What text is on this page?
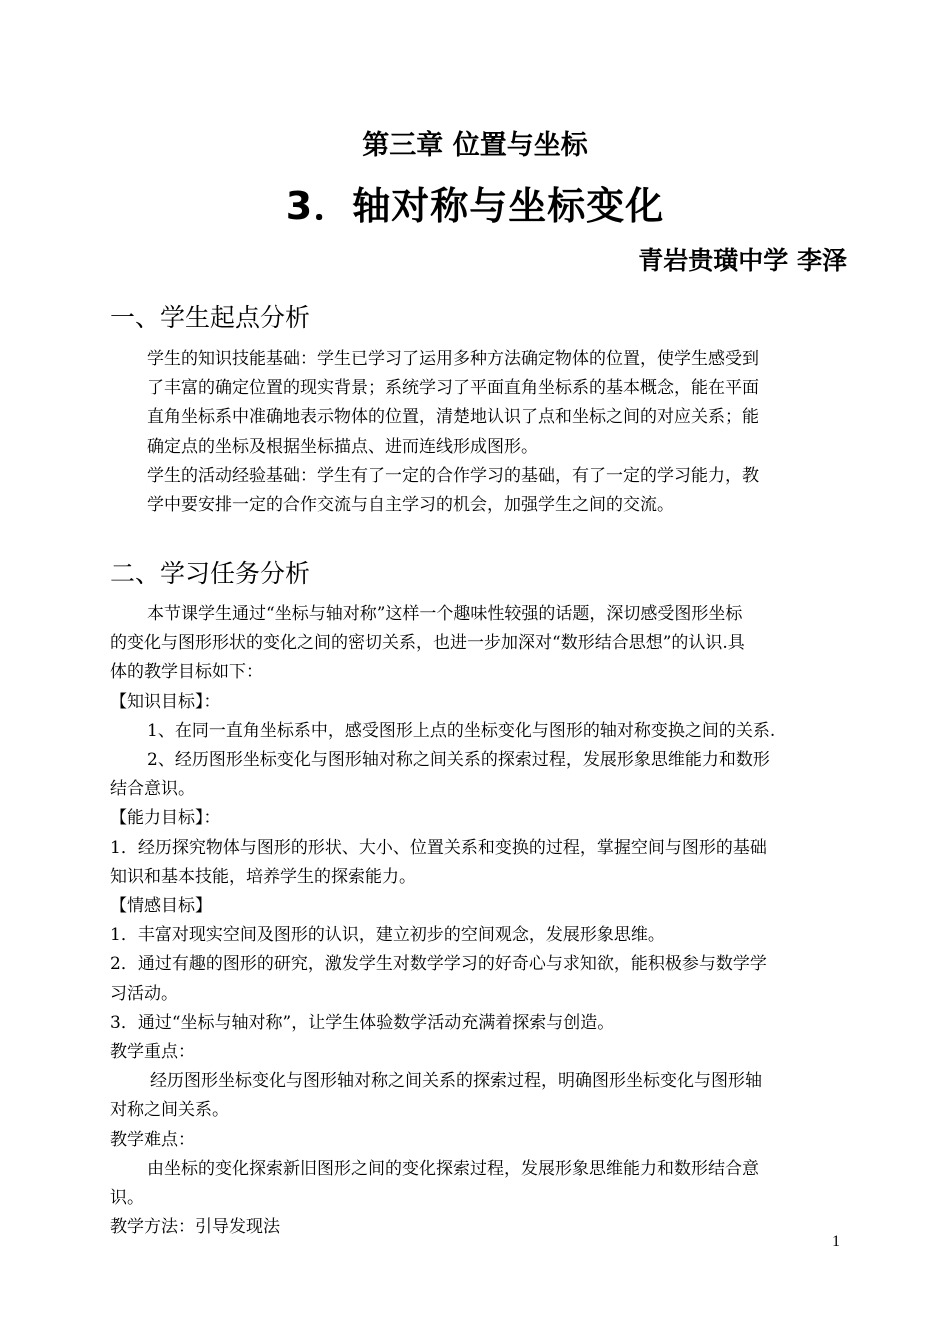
第三章 位置与坐标
3．轴对称与坐标变化
青岩贵璜中学 李泽
一、学生起点分析
学生的知识技能基础：学生已学习了运用多种方法确定物体的位置，使学生感受到
了丰富的确定位置的现实背景；系统学习了平面直角坐标系的基本概念，能在平面
直角坐标系中准确地表示物体的位置，清楚地认识了点和坐标之间的对应关系；能
确定点的坐标及根据坐标描点、进而连线形成图形。
学生的活动经验基础：学生有了一定的合作学习的基础，有了一定的学习能力，教
学中要安排一定的合作交流与自主学习的机会，加强学生之间的交流。
二、学习任务分析
本节课学生通过“坐标与轴对称”这样一个趣味性较强的话题，深切感受图形坐标
的变化与图形形状的变化之间的密切关系，也进一步加深对“数形结合思想”的认识.具
体的教学目标如下：
【知识目标】：
1、在同一直角坐标系中，感受图形上点的坐标变化与图形的轴对称变换之间的关系.
2、经历图形坐标变化与图形轴对称之间关系的探索过程，发展形象思维能力和数形
结合意识。
【能力目标】：
1．经历探究物体与图形的形状、大小、位置关系和变换的过程，掌握空间与图形的基础
知识和基本技能，培养学生的探索能力。
【情感目标】
1．丰富对现实空间及图形的认识，建立初步的空间观念，发展形象思维。
2．通过有趣的图形的研究，激发学生对数学学习的好奇心与求知欲，能积极参与数学学
习活动。
3．通过“坐标与轴对称”，让学生体验数学活动充满着探索与创造。
教学重点：
经历图形坐标变化与图形轴对称之间关系的探索过程，明确图形坐标变化与图形轴
对称之间关系。
教学难点：
由坐标的变化探索新旧图形之间的变化探索过程，发展形象思维能力和数形结合意
识。
教学方法：引导发现法
1
